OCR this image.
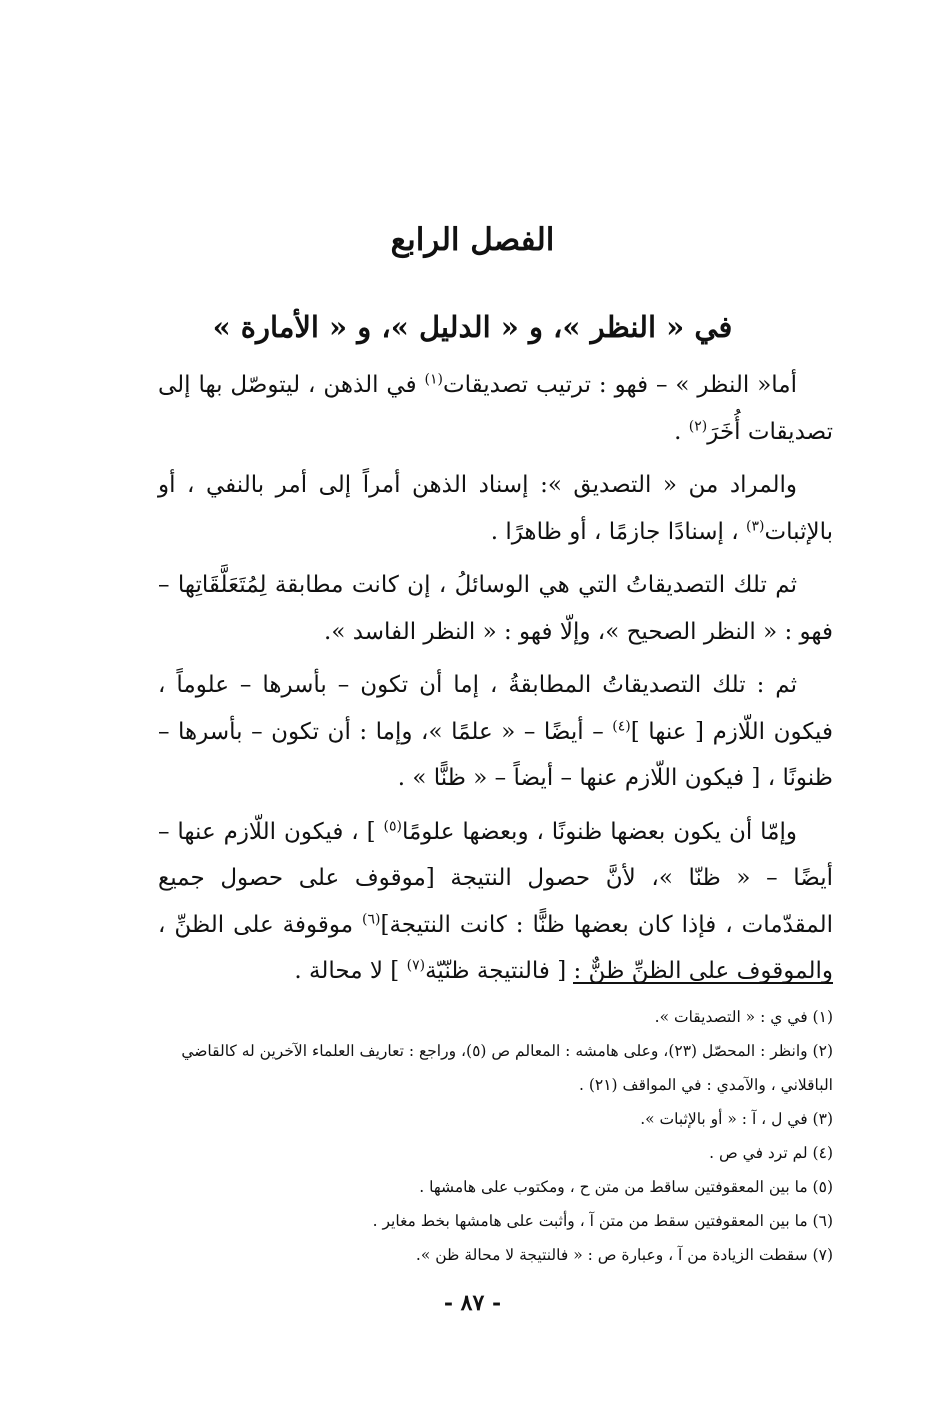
الفصل الرابع
في « النظر »، و « الدليل »، و « الأمارة »

أما« النظر » – فهو : ترتيب تصديقات$^{(١)}$ في الذهن ، ليتوصّل بها إلى تصديقات أُخَرَ$^{(٢)}$ .

والمراد من « التصديق »: إسناد الذهن أمراً إلى أمر بالنفي ، أو بالإثبات$^{(٣)}$ ، إسنادًا جازمًا ، أو ظاهرًا .

ثم تلك التصديقاتُ التي هي الوسائلُ ، إن كانت مطابقة لِمُتَعَلَّقَاتِها – فهو : « النظر الصحيح »، وإلّا فهو : « النظر الفاسد ».

ثم : تلك التصديقاتُ المطابقةُ ، إما أن تكون – بأسرها – علوماً ، فيكون اللّازم [ عنها ]$^{(٤)}$ – أيضًا – « علمًا »، وإما : أن تكون – بأسرها – ظنونًا ، [ فيكون اللّازم عنها – أيضاً – « ظنًّا » .

وإمّا أن يكون بعضها ظنونًا ، وبعضها علومًا$^{(٥)}$ ] ، فيكون اللّازم عنها – أيضًا – « ظنّا »، لأنَّ حصول النتيجة [موقوف على حصول جميع المقدّمات ، فإذا كان بعضها ظنًّا : كانت النتيجة]$^{(٦)}$ موقوفة على الظنِّ ، والموقوف على الظنِّ ظنٌّ : [ فالنتيجة ظنّيّة$^{(٧)}$ ] لا محالة .

(١) في ي : « التصديقات ».

(٢) وانظر : المحصّل (٢٣)، وعلى هامشه : المعالم ص (٥)، وراجع : تعاريف العلماء الآخرين له كالقاضي
الباقلاني ، والآمدي : في المواقف (٢١) .

(٣) في ل ، آ : « أو بالإثبات ».

(٤) لم ترد في ص .

(٥) ما بين المعقوفتين ساقط من متن ح ، ومكتوب على هامشها .

(٦) ما بين المعقوفتين سقط من متن آ ، وأثبت على هامشها بخط مغاير .

(٧) سقطت الزيادة من آ ، وعبارة ص : « فالنتيجة لا محالة ظن ».

- ٨٧ -
